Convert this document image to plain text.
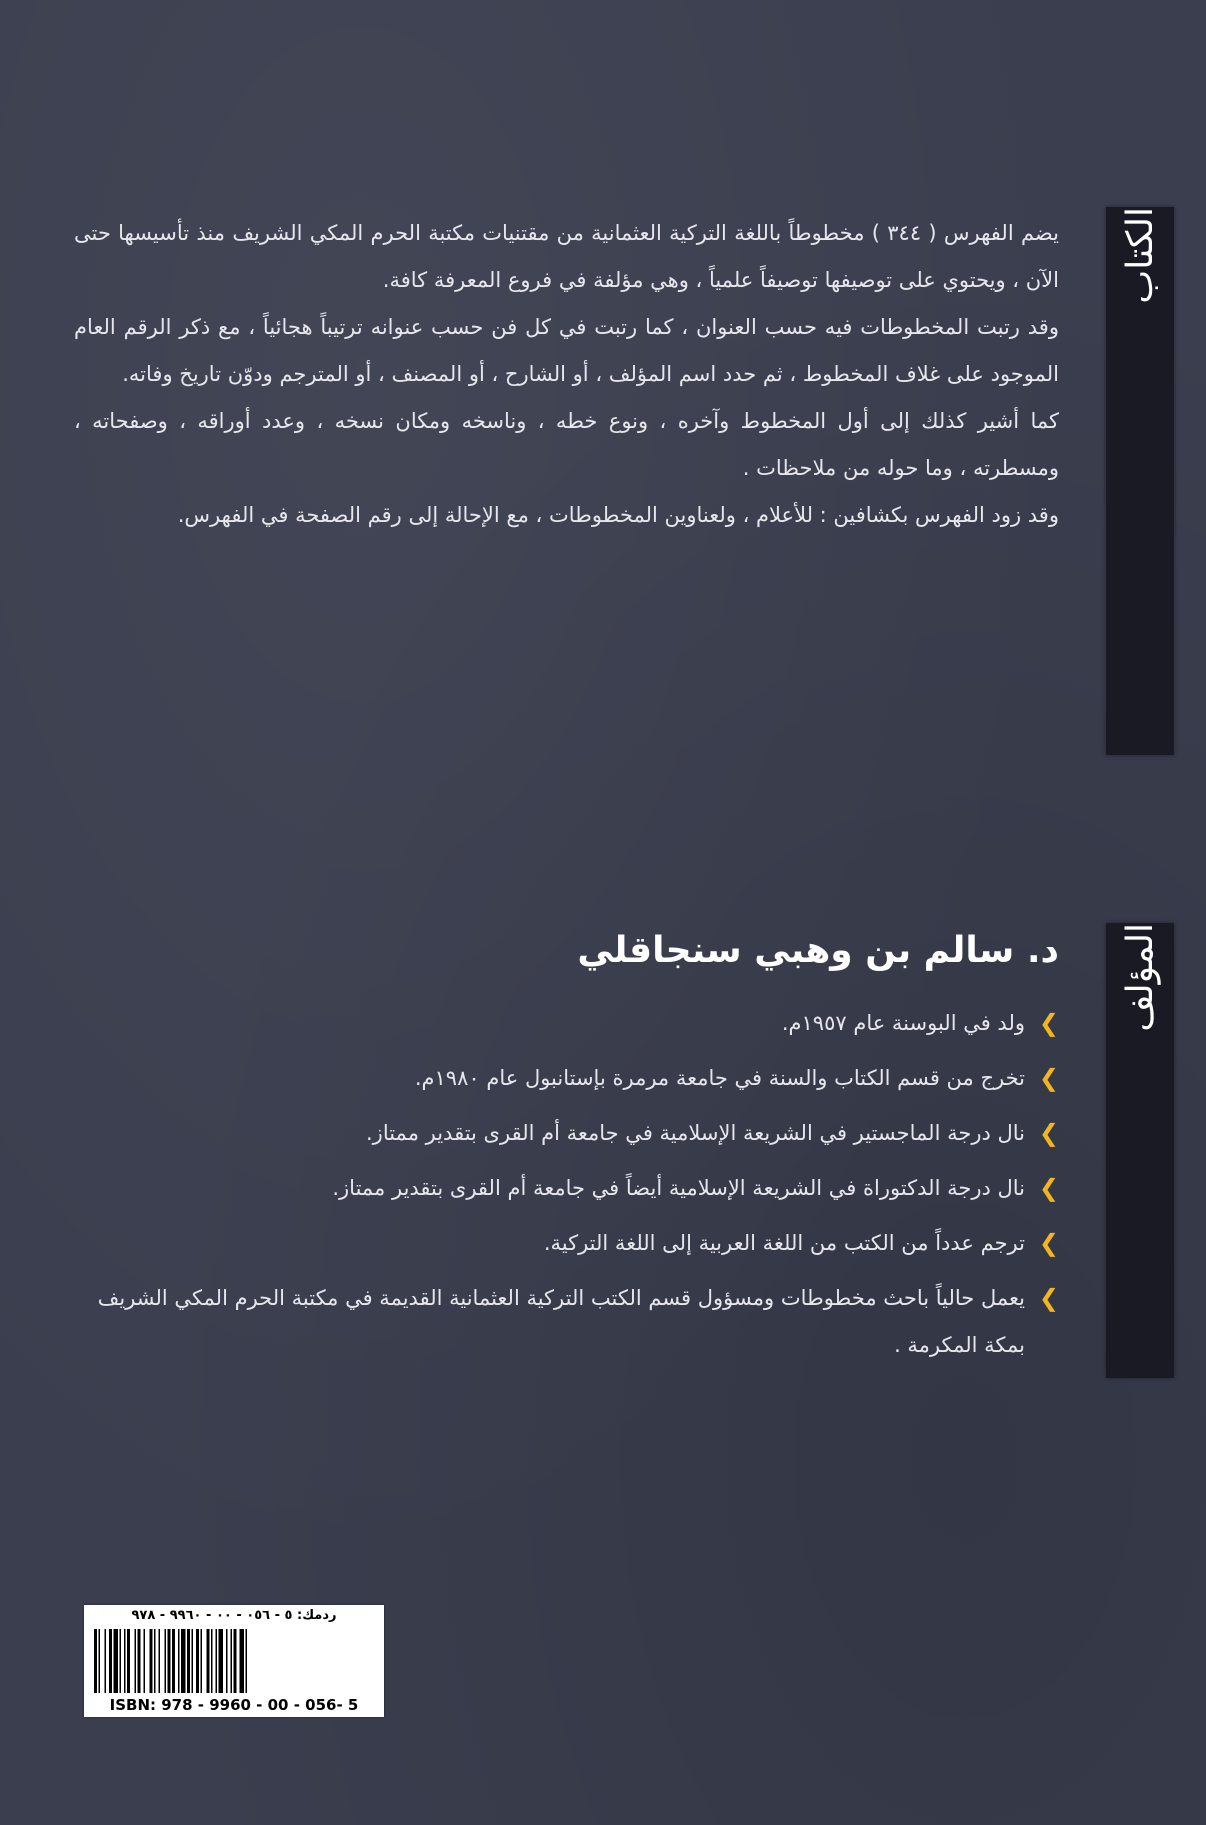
الكتاب

يضم الفهرس ( ٣٤٤ ) مخطوطاً باللغة التركية العثمانية من مقتنيات مكتبة الحرم المكي الشريف منذ تأسيسها حتى الآن ، ويحتوي على توصيفها توصيفاً علمياً ، وهي مؤلفة في فروع المعرفة كافة.

وقد رتبت المخطوطات فيه حسب العنوان ، كما رتبت في كل فن حسب عنوانه ترتيباً هجائياً ، مع ذكر الرقم العام الموجود على غلاف المخطوط ، ثم حدد اسم المؤلف ، أو الشارح ، أو المصنف ، أو المترجم ودوّن تاريخ وفاته.

كما أشير كذلك إلى أول المخطوط وآخره ، ونوع خطه ، وناسخه ومكان نسخه ، وعدد أوراقه ، وصفحاته ، ومسطرته ، وما حوله من ملاحظات .

وقد زود الفهرس بكشافين : للأعلام ، ولعناوين المخطوطات ، مع الإحالة إلى رقم الصفحة في الفهرس.

المؤلف
د. سالم بن وهبي سنجاقلي
❯
ولد في البوسنة عام ١٩٥٧م.
❯
تخرج من قسم الكتاب والسنة في جامعة مرمرة بإستانبول عام ١٩٨٠م.
❯
نال درجة الماجستير في الشريعة الإسلامية في جامعة أم القرى بتقدير ممتاز.
❯
نال درجة الدكتوراة في الشريعة الإسلامية أيضاً في جامعة أم القرى بتقدير ممتاز.
❯
ترجم عدداً من الكتب من اللغة العربية إلى اللغة التركية.
❯
يعمل حالياً باحث مخطوطات ومسؤول قسم الكتب التركية العثمانية القديمة في مكتبة الحرم المكي الشريف بمكة المكرمة .
ردمك: ٥ - ٠٥٦ - ٠٠ - ٩٩٦٠ - ٩٧٨
ISBN: 978 - 9960 - 00 - 056- 5
